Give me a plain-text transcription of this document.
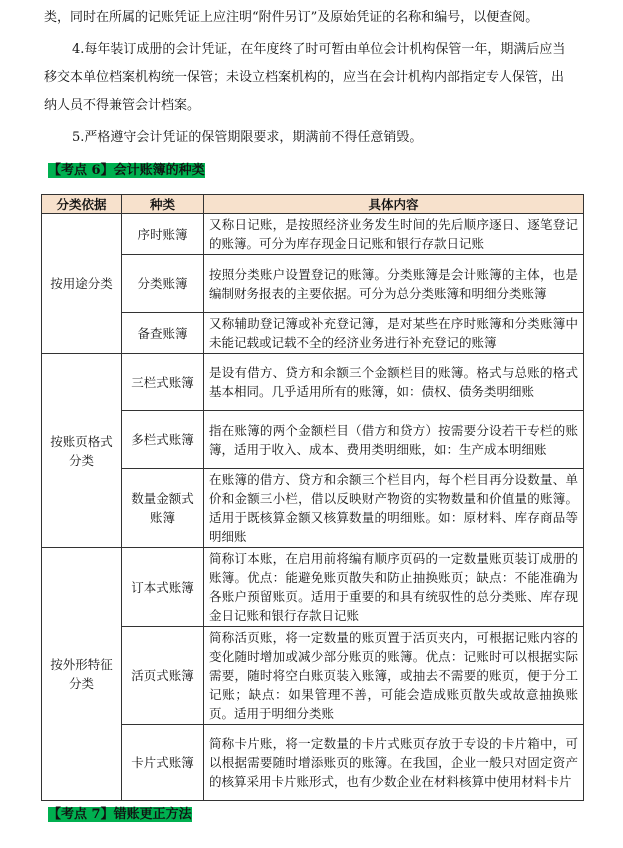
类，同时在所属的记账凭证上应注明“附件另订”及原始凭证的名称和编号，以便查阅。

4.每年装订成册的会计凭证，在年度终了时可暂由单位会计机构保管一年，期满后应当

移交本单位档案机构统一保管；未设立档案机构的，应当在会计机构内部指定专人保管，出

纳人员不得兼管会计档案。

5.严格遵守会计凭证的保管期限要求，期满前不得任意销毁。

【考点 6】会计账簿的种类
分类依据	种类	具体内容
按用途分类	序时账簿	又称日记账，是按照经济业务发生时间的先后顺序逐日、逐笔登记的账簿。可分为库存现金日记账和银行存款日记账
	分类账簿	按照分类账户设置登记的账簿。分类账簿是会计账簿的主体，也是编制财务报表的主要依据。可分为总分类账簿和明细分类账簿
	备查账簿	又称辅助登记簿或补充登记簿，是对某些在序时账簿和分类账簿中未能记载或记载不全的经济业务进行补充登记的账簿
按账页格式分类	三栏式账簿	是设有借方、贷方和余额三个金额栏目的账簿。格式与总账的格式基本相同。几乎适用所有的账簿，如：债权、债务类明细账
	多栏式账簿	指在账簿的两个金额栏目（借方和贷方）按需要分设若干专栏的账簿，适用于收入、成本、费用类明细账，如：生产成本明细账
	数量金额式账簿	在账簿的借方、贷方和余额三个栏目内，每个栏目再分设数量、单价和金额三小栏，借以反映财产物资的实物数量和价值量的账簿。适用于既核算金额又核算数量的明细账。如：原材料、库存商品等明细账
按外形特征分类	订本式账簿	简称订本账，在启用前将编有顺序页码的一定数量账页装订成册的账簿。优点：能避免账页散失和防止抽换账页；缺点：不能准确为各账户预留账页。适用于重要的和具有统驭性的总分类账、库存现金日记账和银行存款日记账
	活页式账簿	简称活页账，将一定数量的账页置于活页夹内，可根据记账内容的变化随时增加或减少部分账页的账簿。优点：记账时可以根据实际需要，随时将空白账页装入账簿，或抽去不需要的账页，便于分工记账；缺点：如果管理不善，可能会造成账页散失或故意抽换账页。适用于明细分类账
	卡片式账簿	简称卡片账，将一定数量的卡片式账页存放于专设的卡片箱中，可以根据需要随时增添账页的账簿。在我国，企业一般只对固定资产的核算采用卡片账形式，也有少数企业在材料核算中使用材料卡片
【考点 7】错账更正方法
